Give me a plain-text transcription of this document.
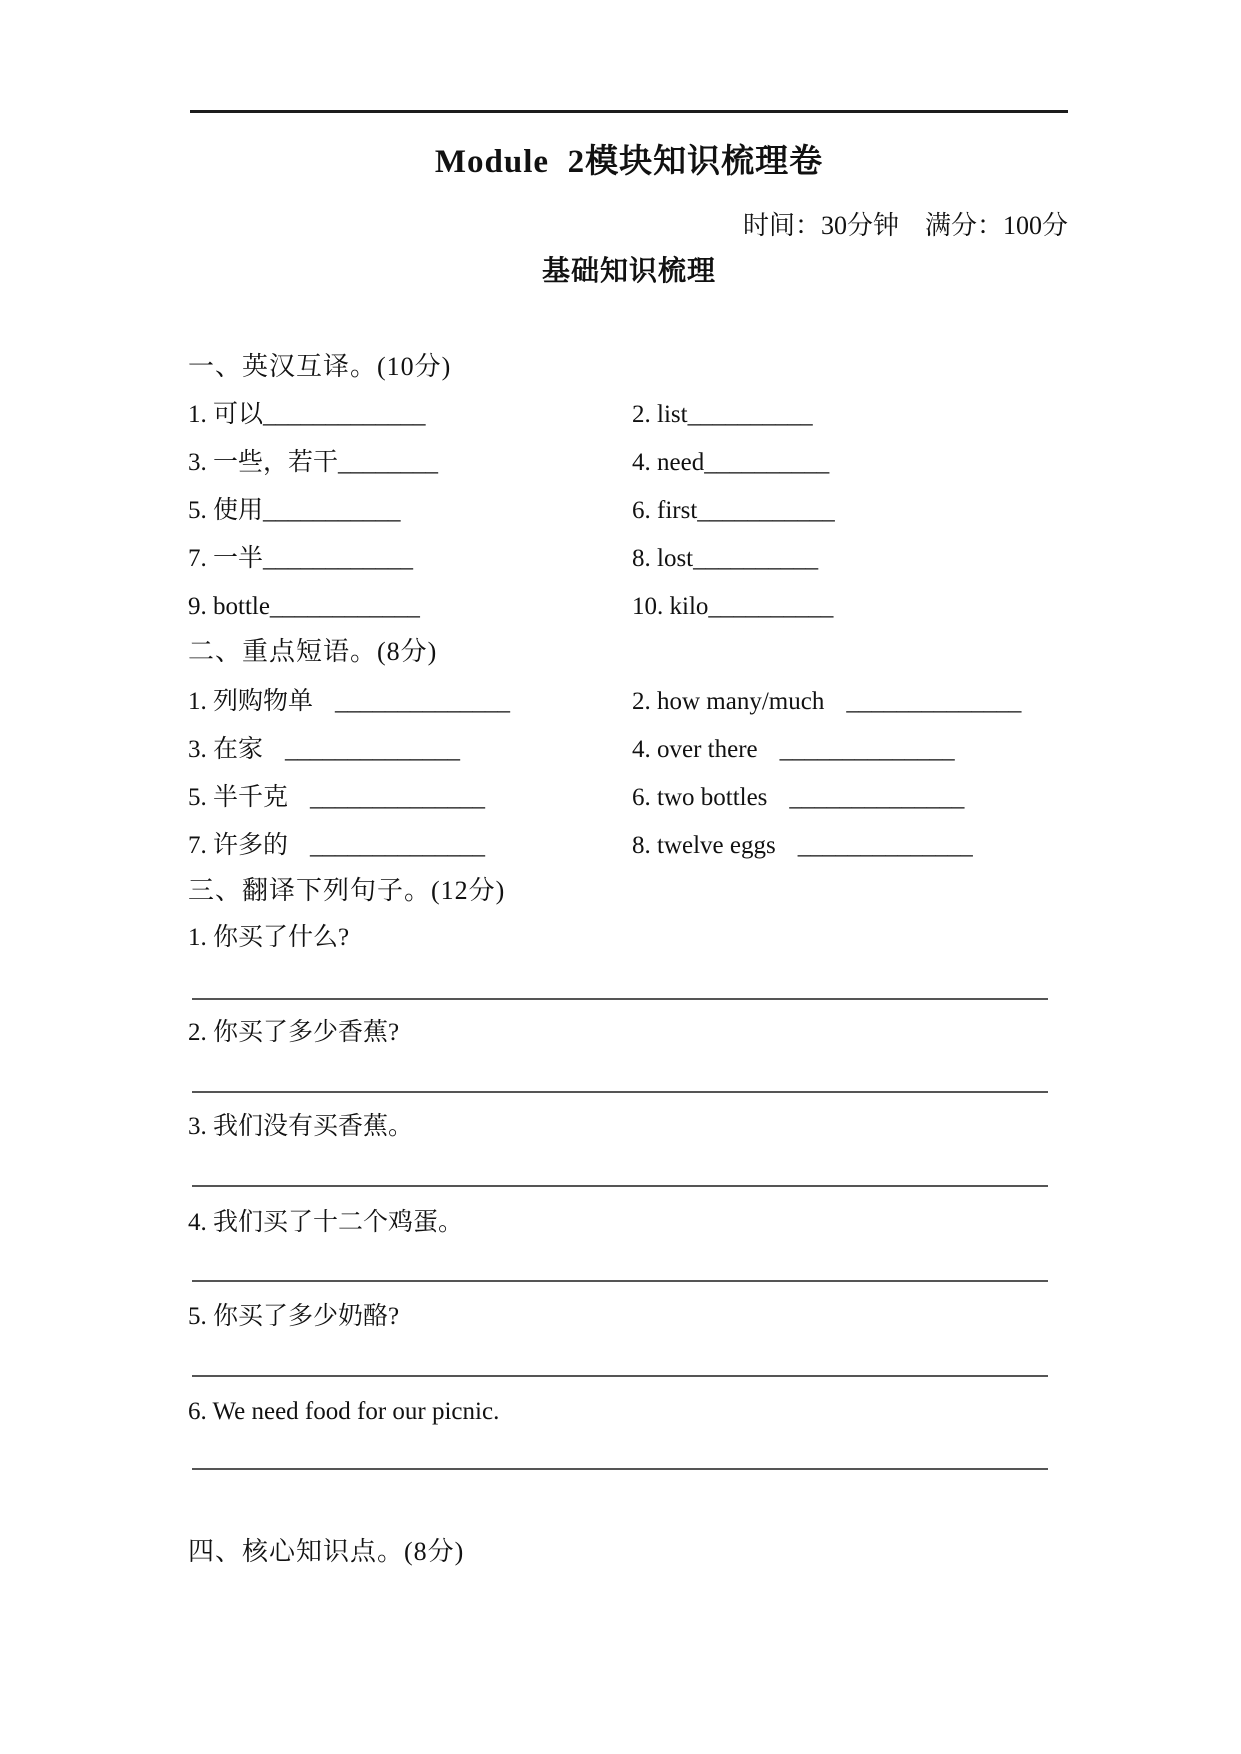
Module  2模块知识梳理卷
时间：30分钟　满分：100分
基础知识梳理
一、英汉互译。(10分)
1. 可以_____________	2. list__________
3. 一些，若干________	4. need__________
5. 使用___________	6. first___________
7. 一半____________	8. lost__________
9. bottle____________	10. kilo__________
二、重点短语。(8分)
1. 列购物单 ______________	2. how many/much ______________
3. 在家 ______________	4. over there ______________
5. 半千克 ______________	6. two bottles ______________
7. 许多的 ______________	8. twelve eggs ______________
三、翻译下列句子。(12分)
1. 你买了什么?
2. 你买了多少香蕉?
3. 我们没有买香蕉。
4. 我们买了十二个鸡蛋。
5. 你买了多少奶酪?
6. We need food for our picnic.
四、核心知识点。(8分)
